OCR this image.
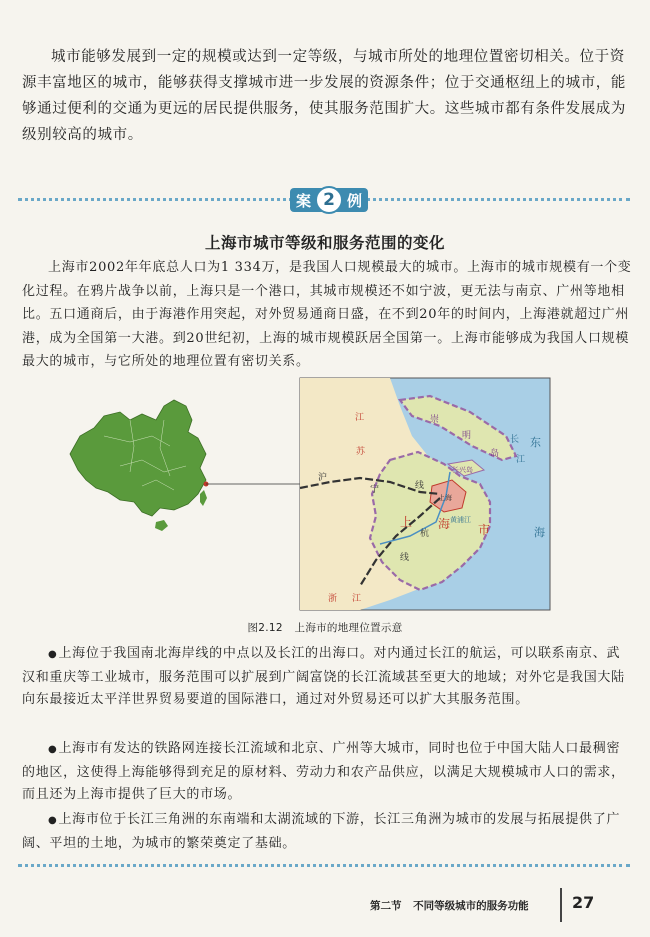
城市能够发展到一定的规模或达到一定等级，与城市所处的地理位置密切相关。位于资源丰富地区的城市，能够获得支撑城市进一步发展的资源条件；位于交通枢纽上的城市，能够通过便利的交通为更远的居民提供服务，使其服务范围扩大。这些城市都有条件发展成为级别较高的城市。

案 2 例
上海市城市等级和服务范围的变化

上海市2002年年底总人口为1 334万，是我国人口规模最大的城市。上海市的城市规模有一个变化过程。在鸦片战争以前，上海只是一个港口，其城市规模还不如宁波，更无法与南京、广州等地相比。五口通商后，由于海港作用突起，对外贸易通商日盛，在不到20年的时间内，上海港就超过广州港，成为全国第一大港。到20世纪初，上海的城市规模跃居全国第一。上海市能够成为我国人口规模最大的城市，与它所处的地理位置有密切关系。

江
苏
沪
宁	线
崇
明
岛
长
江
东
海
长兴岛
上海
上 海 市
黄浦江
杭
线
浙 江

图2.12 上海市的地理位置示意

● 上海位于我国南北海岸线的中点以及长江的出海口。对内通过长江的航运，可以联系南京、武汉和重庆等工业城市，服务范围可以扩展到广阔富饶的长江流域甚至更大的地域；对外它是我国大陆向东最接近太平洋世界贸易要道的国际港口，通过对外贸易还可以扩大其服务范围。

● 上海市有发达的铁路网连接长江流域和北京、广州等大城市，同时也位于中国大陆人口最稠密的地区，这使得上海能够得到充足的原材料、劳动力和农产品供应，以满足大规模城市人口的需求，而且还为上海市提供了巨大的市场。

● 上海市位于长江三角洲的东南端和太湖流域的下游，长江三角洲为城市的发展与拓展提供了广阔、平坦的土地，为城市的繁荣奠定了基础。

第二节 不同等级城市的服务功能	27
